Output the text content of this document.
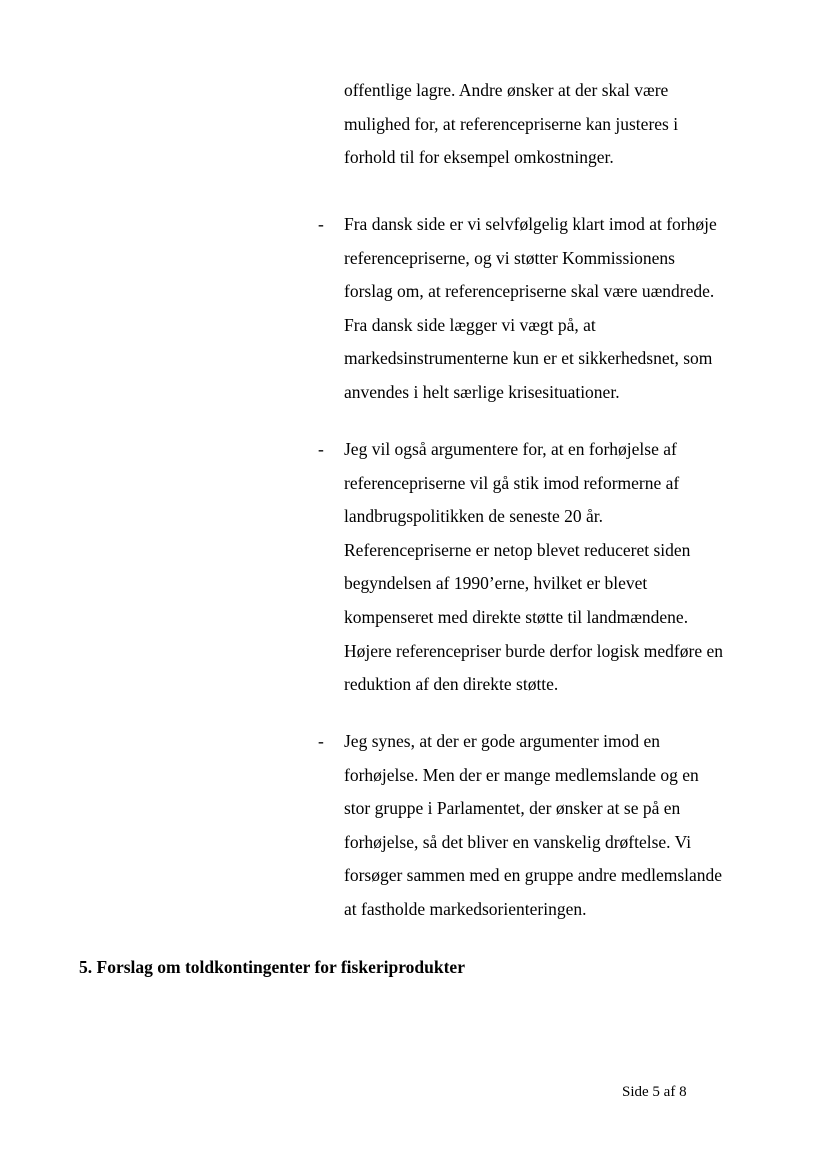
offentlige lagre. Andre ønsker at der skal være
mulighed for, at referencepriserne kan justeres i
forhold til for eksempel omkostninger.
-	Fra dansk side er vi selvfølgelig klart imod at forhøje
referencepriserne, og vi støtter Kommissionens
forslag om, at referencepriserne skal være uændrede.
Fra dansk side lægger vi vægt på, at
markedsinstrumenterne kun er et sikkerhedsnet, som
anvendes i helt særlige krisesituationer.
-	Jeg vil også argumentere for, at en forhøjelse af
referencepriserne vil gå stik imod reformerne af
landbrugspolitikken de seneste 20 år.
Referencepriserne er netop blevet reduceret siden
begyndelsen af 1990’erne, hvilket er blevet
kompenseret med direkte støtte til landmændene.
Højere referencepriser burde derfor logisk medføre en
reduktion af den direkte støtte.
-	Jeg synes, at der er gode argumenter imod en
forhøjelse. Men der er mange medlemslande og en
stor gruppe i Parlamentet, der ønsker at se på en
forhøjelse, så det bliver en vanskelig drøftelse. Vi
forsøger sammen med en gruppe andre medlemslande
at fastholde markedsorienteringen.
5. Forslag om toldkontingenter for fiskeriprodukter
Side 5 af 8
